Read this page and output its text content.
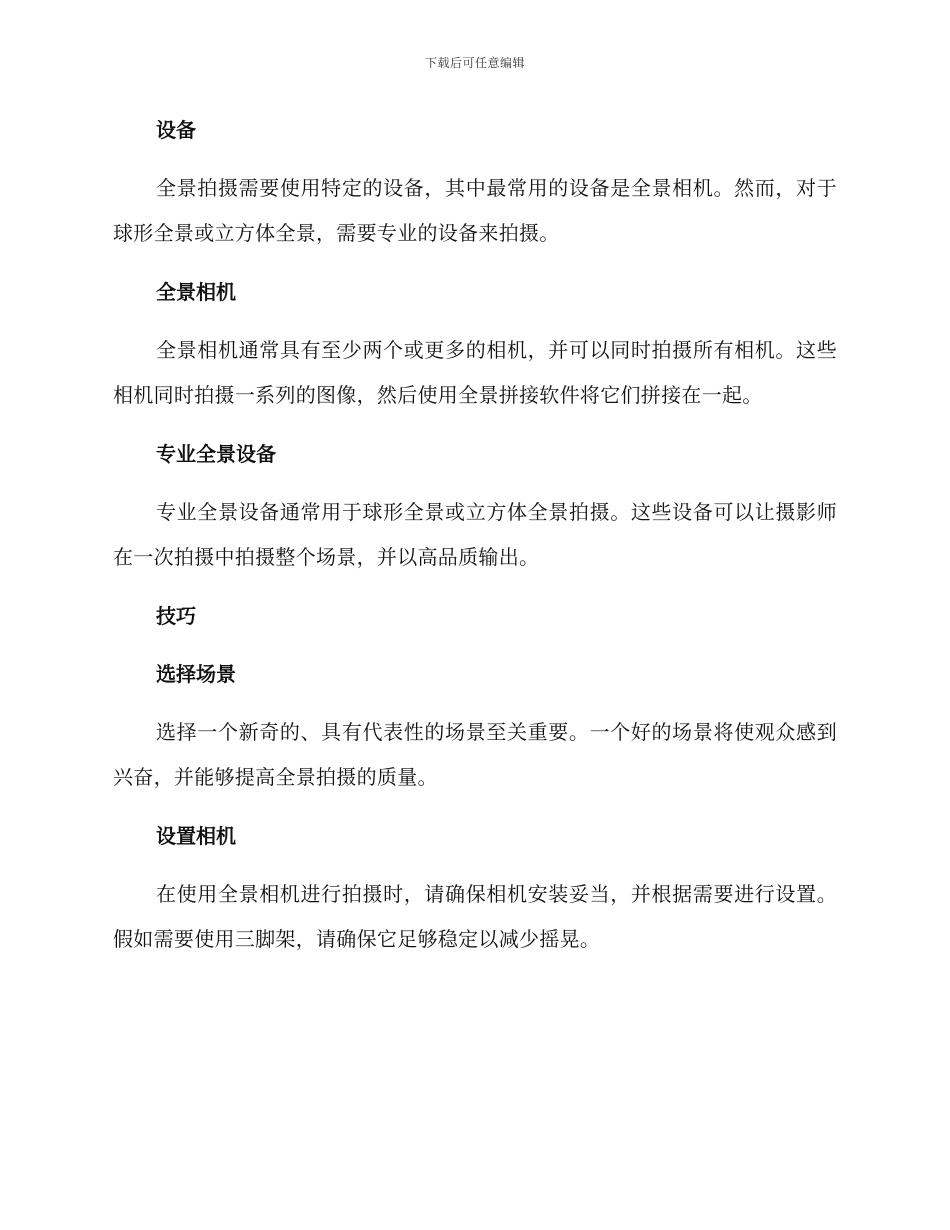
下载后可任意编辑
设备
全景拍摄需要使用特定的设备，其中最常用的设备是全景相机。然而，对于球形全景或立方体全景，需要专业的设备来拍摄。
全景相机
全景相机通常具有至少两个或更多的相机，并可以同时拍摄所有相机。这些相机同时拍摄一系列的图像，然后使用全景拼接软件将它们拼接在一起。
专业全景设备
专业全景设备通常用于球形全景或立方体全景拍摄。这些设备可以让摄影师在一次拍摄中拍摄整个场景，并以高品质输出。
技巧
选择场景
选择一个新奇的、具有代表性的场景至关重要。一个好的场景将使观众感到兴奋，并能够提高全景拍摄的质量。
设置相机
在使用全景相机进行拍摄时，请确保相机安装妥当，并根据需要进行设置。假如需要使用三脚架，请确保它足够稳定以减少摇晃。
